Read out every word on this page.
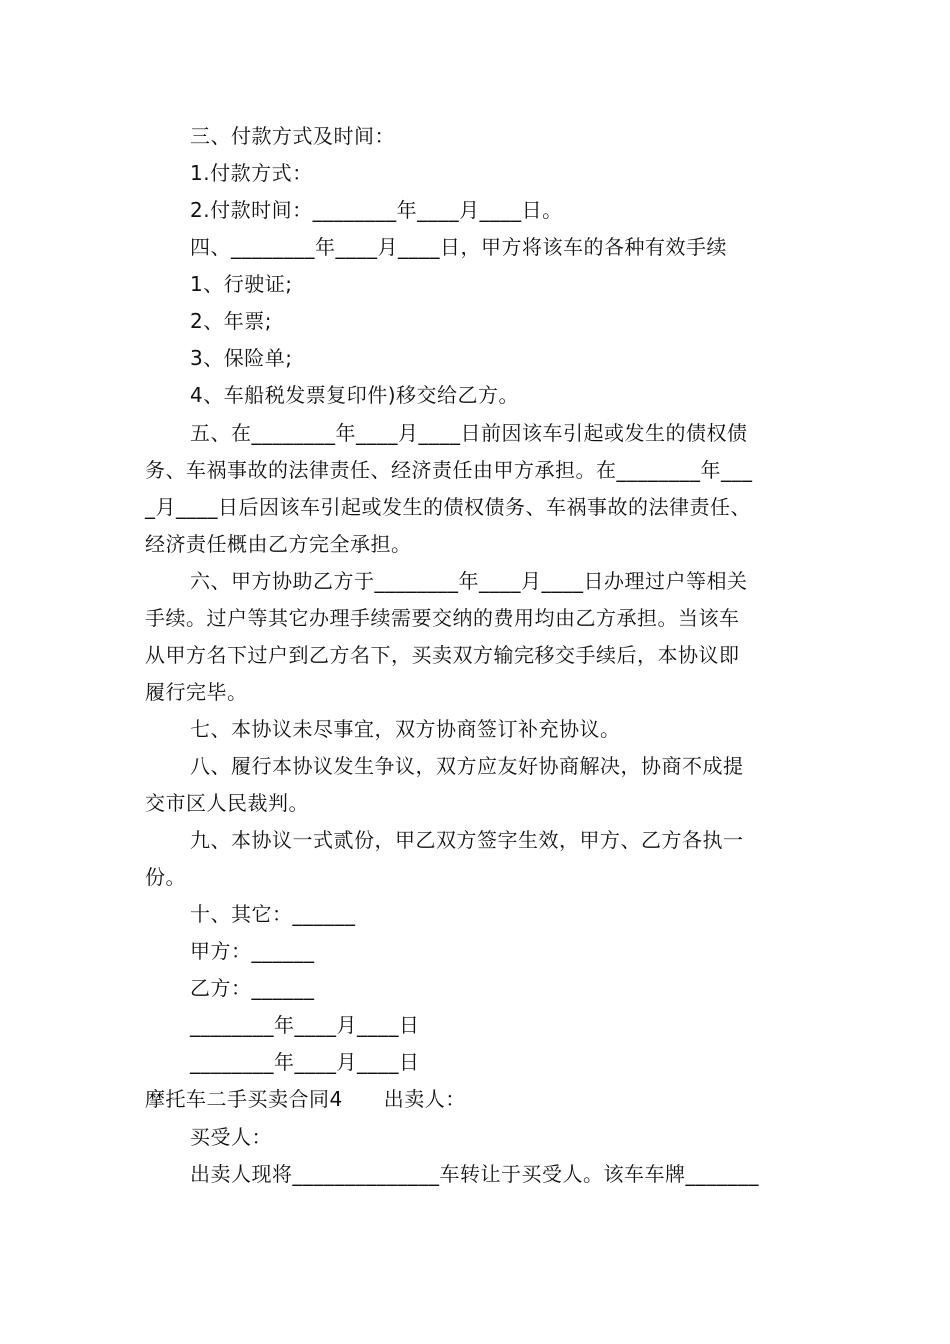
三、付款方式及时间：
1.付款方式：
2.付款时间：________年____月____日。
四、________年____月____日，甲方将该车的各种有效手续
1、行驶证;
2、年票;
3、保险单;
4、车船税发票复印件)移交给乙方。
五、在________年____月____日前因该车引起或发生的债权债
务、车祸事故的法律责任、经济责任由甲方承担。在________年___
_月____日后因该车引起或发生的债权债务、车祸事故的法律责任、
经济责任概由乙方完全承担。
六、甲方协助乙方于________年____月____日办理过户等相关
手续。过户等其它办理手续需要交纳的费用均由乙方承担。当该车
从甲方名下过户到乙方名下，买卖双方输完移交手续后，本协议即
履行完毕。
七、本协议未尽事宜，双方协商签订补充协议。
八、履行本协议发生争议，双方应友好协商解决，协商不成提
交市区人民裁判。
九、本协议一式贰份，甲乙双方签字生效，甲方、乙方各执一
份。
十、其它：______
甲方：______
乙方：______
________年____月____日
________年____月____日
摩托车二手买卖合同4　　出卖人：
买受人：
出卖人现将______________车转让于买受人。该车车牌_______
